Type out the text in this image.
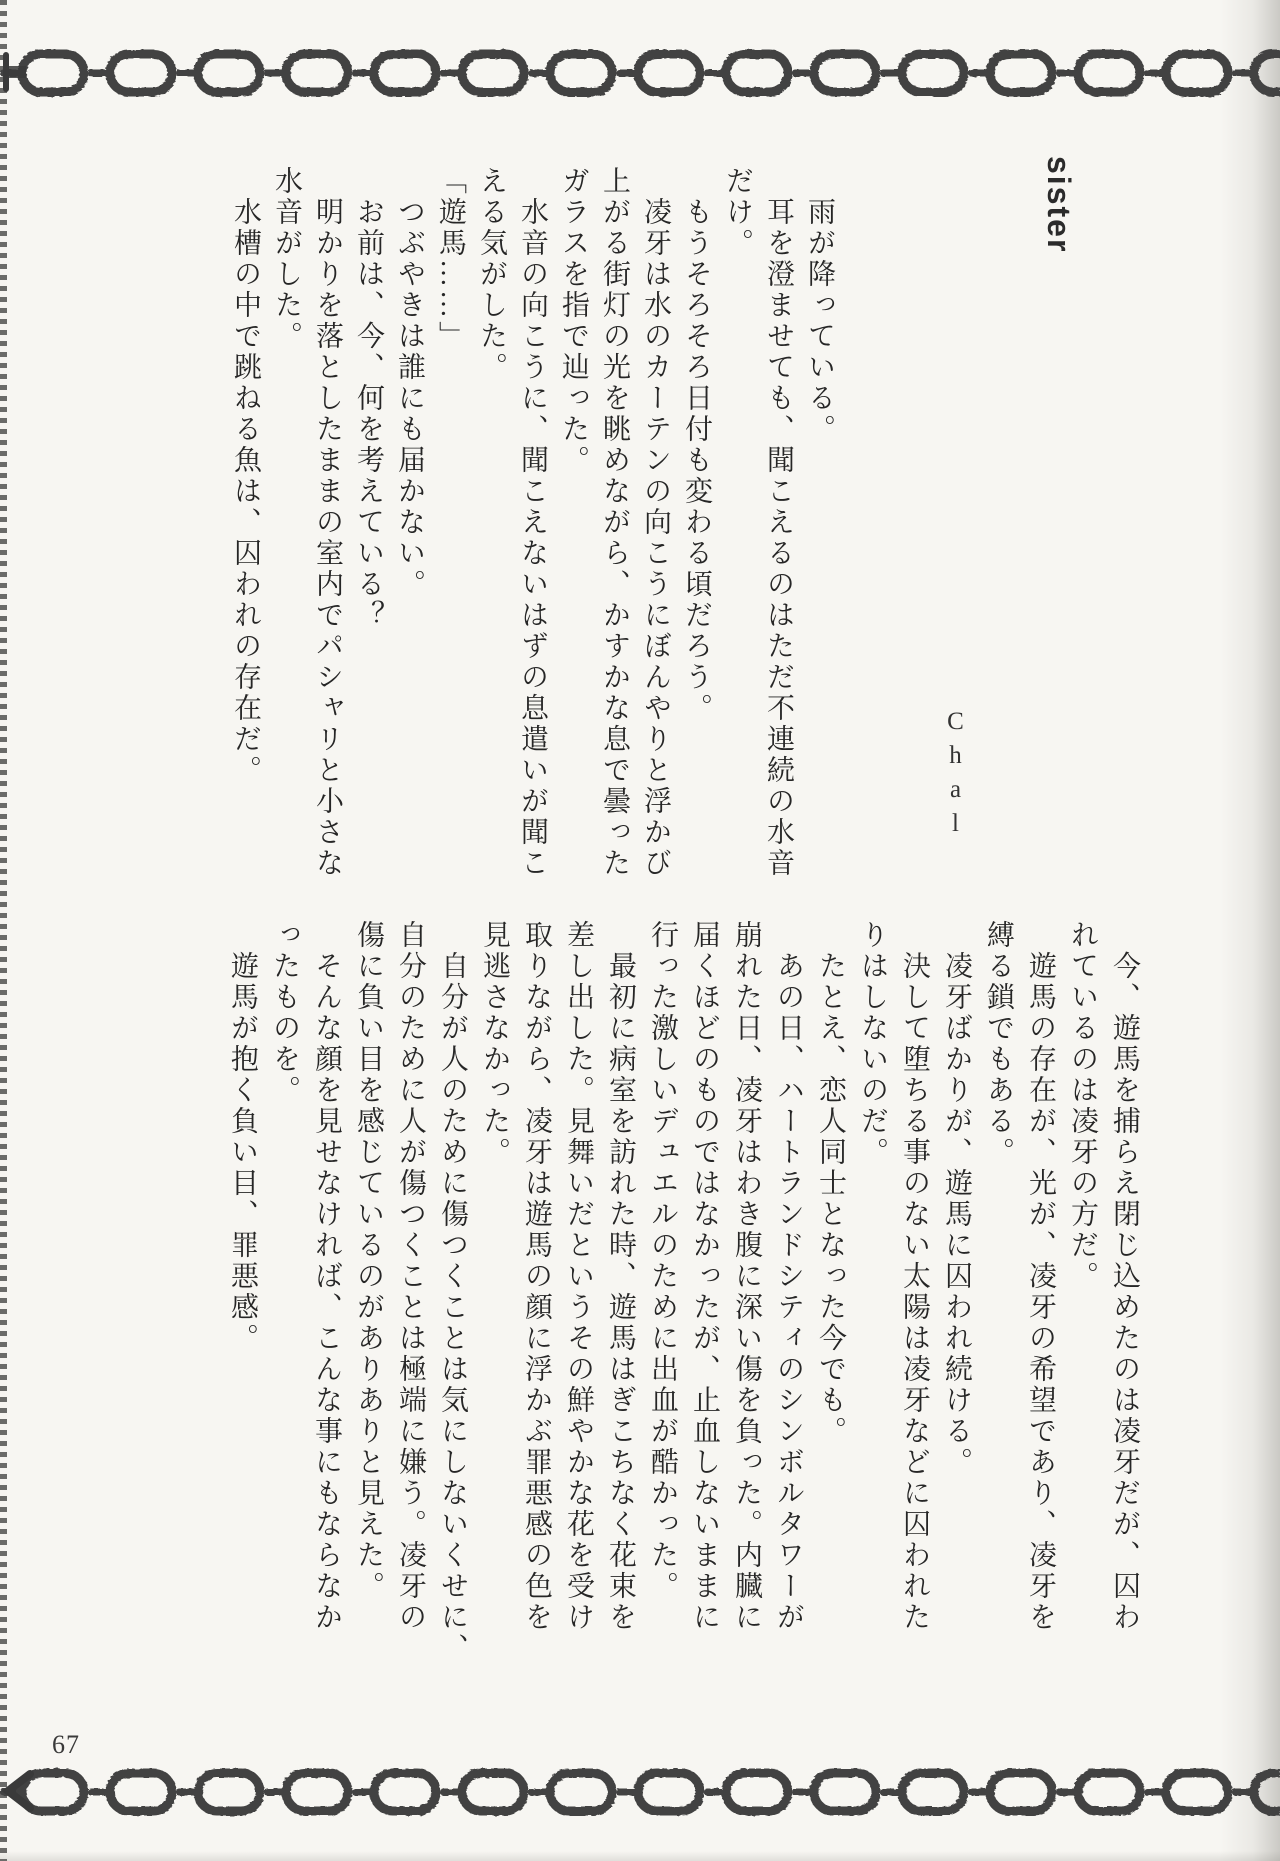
sister
Chal
　雨が降っている。
　耳を澄ませても、聞こえるのはただ不連続の水音
だけ。
　もうそろそろ日付も変わる頃だろう。
　凌牙は水のカーテンの向こうにぼんやりと浮かび
上がる街灯の光を眺めながら、かすかな息で曇った
ガラスを指で辿った。
　水音の向こうに、聞こえないはずの息遣いが聞こ
える気がした。
「遊馬……」
　つぶやきは誰にも届かない。
　お前は、今、何を考えている？
　明かりを落としたままの室内でパシャリと小さな
水音がした。
　水槽の中で跳ねる魚は、囚われの存在だ。
　今、遊馬を捕らえ閉じ込めたのは凌牙だが、囚わ
れているのは凌牙の方だ。
　遊馬の存在が、光が、凌牙の希望であり、凌牙を
縛る鎖でもある。
　凌牙ばかりが、遊馬に囚われ続ける。
　決して堕ちる事のない太陽は凌牙などに囚われた
りはしないのだ。
　たとえ、恋人同士となった今でも。
　あの日、ハートランドシティのシンボルタワーが
崩れた日、凌牙はわき腹に深い傷を負った。内臓に
届くほどのものではなかったが、止血しないままに
行った激しいデュエルのために出血が酷かった。
　最初に病室を訪れた時、遊馬はぎこちなく花束を
差し出した。見舞いだというその鮮やかな花を受け
取りながら、凌牙は遊馬の顔に浮かぶ罪悪感の色を
見逃さなかった。
　自分が人のために傷つくことは気にしないくせに、
自分のために人が傷つくことは極端に嫌う。凌牙の
傷に負い目を感じているのがありありと見えた。
　そんな顔を見せなければ、こんな事にもならなか
ったものを。
　遊馬が抱く負い目、罪悪感。
67
